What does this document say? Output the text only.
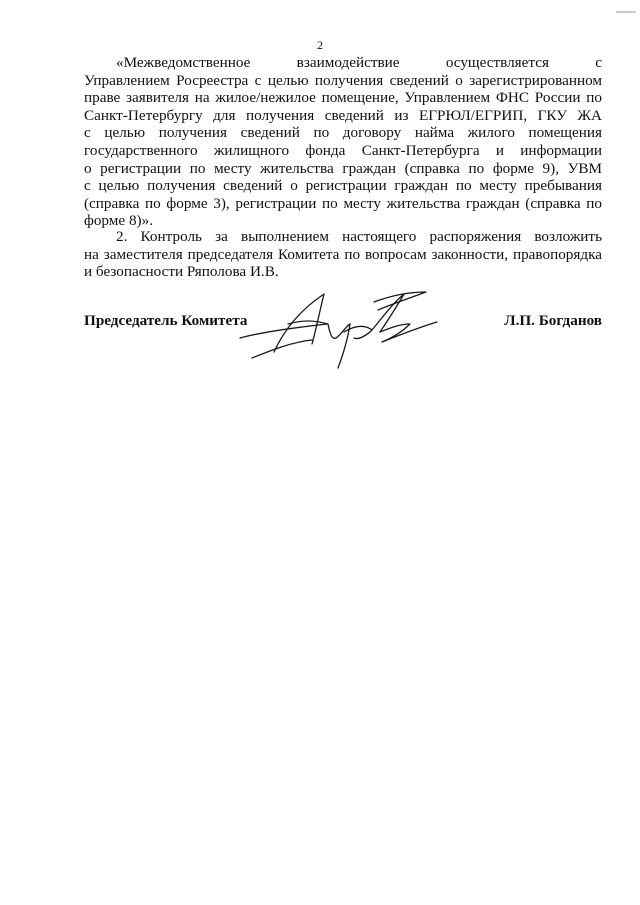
2
«Межведомственное взаимодействие осуществляется с
Управлением Росреестра с целью получения сведений о зарегистрированном
праве заявителя на жилое/нежилое помещение, Управлением ФНС России по
Санкт-Петербургу для получения сведений из ЕГРЮЛ/ЕГРИП, ГКУ ЖА
с целью получения сведений по договору найма жилого помещения
государственного жилищного фонда Санкт-Петербурга и информации
о регистрации по месту жительства граждан (справка по форме 9), УВМ
с целью получения сведений о регистрации граждан по месту пребывания
(справка по форме 3), регистрации по месту жительства граждан (справка по
форме 8)».
2. Контроль за выполнением настоящего распоряжения возложить
на заместителя председателя Комитета по вопросам законности, правопорядка
и безопасности Ряполова И.В.
Председатель Комитета	Л.П. Богданов
